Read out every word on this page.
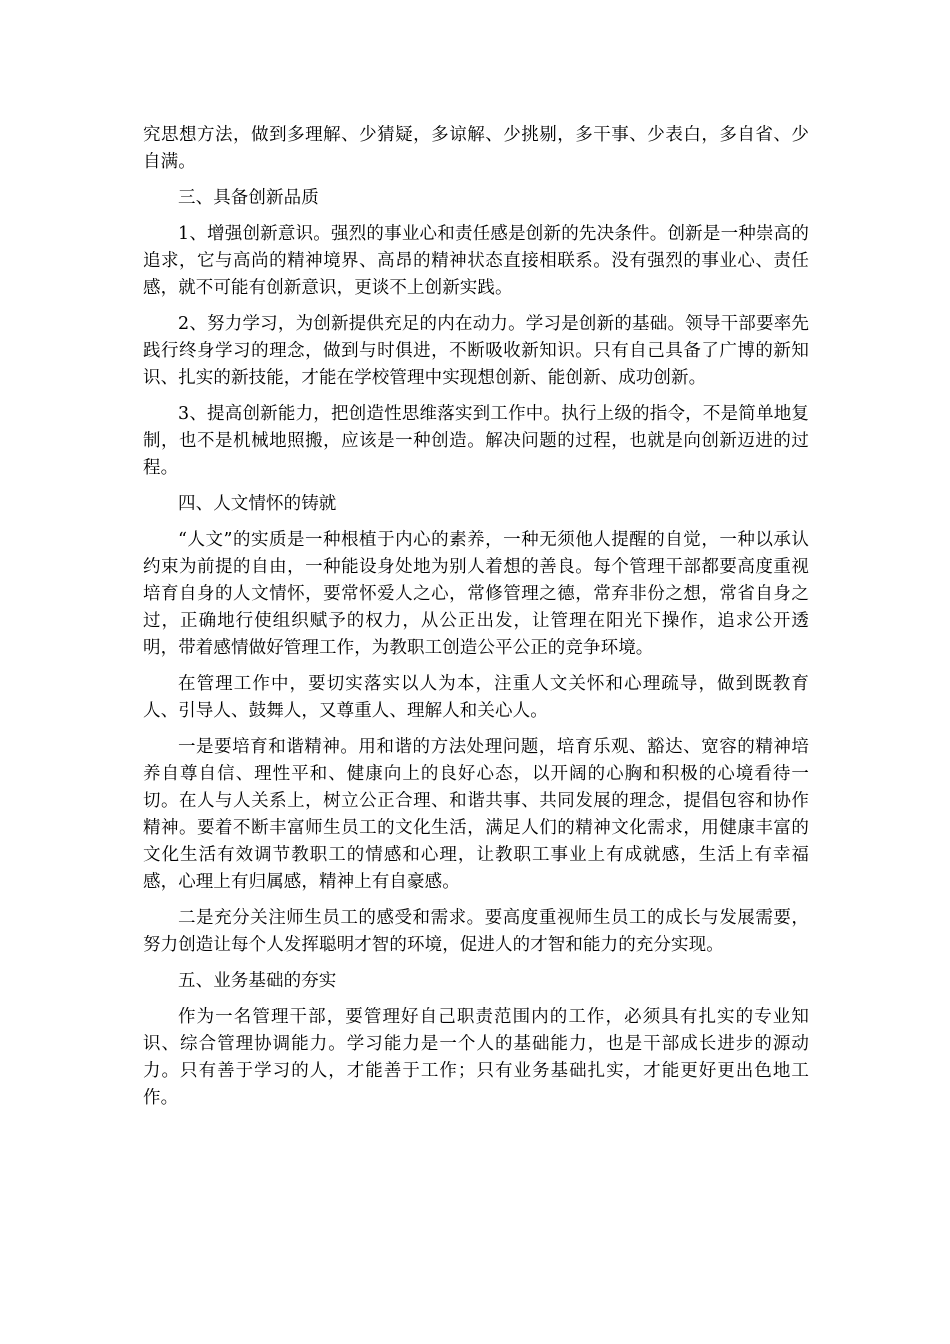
究思想方法，做到多理解、少猜疑，多谅解、少挑剔，多干事、少表白，多自省、少自满。

三、具备创新品质

1、增强创新意识。强烈的事业心和责任感是创新的先决条件。创新是一种崇高的追求，它与高尚的精神境界、高昂的精神状态直接相联系。没有强烈的事业心、责任感，就不可能有创新意识，更谈不上创新实践。

2、努力学习，为创新提供充足的内在动力。学习是创新的基础。领导干部要率先践行终身学习的理念，做到与时俱进，不断吸收新知识。只有自己具备了广博的新知识、扎实的新技能，才能在学校管理中实现想创新、能创新、成功创新。

3、提高创新能力，把创造性思维落实到工作中。执行上级的指令，不是简单地复制，也不是机械地照搬，应该是一种创造。解决问题的过程，也就是向创新迈进的过程。

四、人文情怀的铸就

“人文”的实质是一种根植于内心的素养，一种无须他人提醒的自觉，一种以承认约束为前提的自由，一种能设身处地为别人着想的善良。每个管理干部都要高度重视培育自身的人文情怀，要常怀爱人之心，常修管理之德，常弃非份之想，常省自身之过，正确地行使组织赋予的权力，从公正出发，让管理在阳光下操作，追求公开透明，带着感情做好管理工作，为教职工创造公平公正的竞争环境。

在管理工作中，要切实落实以人为本，注重人文关怀和心理疏导，做到既教育人、引导人、鼓舞人，又尊重人、理解人和关心人。

一是要培育和谐精神。用和谐的方法处理问题，培育乐观、豁达、宽容的精神培养自尊自信、理性平和、健康向上的良好心态，以开阔的心胸和积极的心境看待一切。在人与人关系上，树立公正合理、和谐共事、共同发展的理念，提倡包容和协作精神。要着不断丰富师生员工的文化生活，满足人们的精神文化需求，用健康丰富的文化生活有效调节教职工的情感和心理，让教职工事业上有成就感，生活上有幸福感，心理上有归属感，精神上有自豪感。

二是充分关注师生员工的感受和需求。要高度重视师生员工的成长与发展需要，努力创造让每个人发挥聪明才智的环境，促进人的才智和能力的充分实现。

五、业务基础的夯实

作为一名管理干部，要管理好自己职责范围内的工作，必须具有扎实的专业知识、综合管理协调能力。学习能力是一个人的基础能力，也是干部成长进步的源动力。只有善于学习的人，才能善于工作；只有业务基础扎实，才能更好更出色地工作。
